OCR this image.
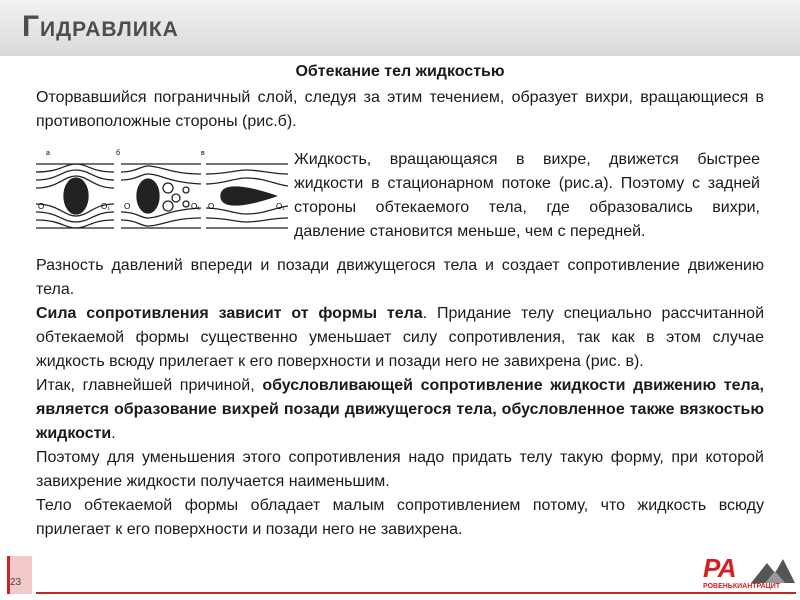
ГИДРАВЛИКА
Обтекание тел жидкостью
Оторвавшийся пограничный слой, следуя за этим течением, образует вихри, вращающиеся в противоположные стороны (рис.б).
а	б	в
O	O₁ O	O₁ O	O₁
Жидкость, вращающаяся в вихре, движется быстрее жидкости в стационарном потоке (рис.а). Поэтому с задней стороны обтекаемого тела, где образовались вихри, давление становится меньше, чем с передней.
Разность давлений впереди и позади движущегося тела и создает сопротивление движению тела.
Сила сопротивления зависит от формы тела. Придание телу специально рассчитанной обтекаемой формы существенно уменьшает силу сопротивления, так как в этом случае жидкость всюду прилегает к его поверхности и позади него не завихрена (рис. в).
Итак, главнейшей причиной, обусловливающей сопротивление жидкости движению тела, является образование вихрей позади движущегося тела, обусловленное также вязкостью жидкости.
Поэтому для уменьшения этого сопротивления надо придать телу такую форму, при которой завихрение жидкости получается наименьшим.
Тело обтекаемой формы обладает малым сопротивлением потому, что жидкость всюду прилегает к его поверхности и позади него не завихрена.
23	РА
РОВЕНЬКИАНТРАЦИТ
